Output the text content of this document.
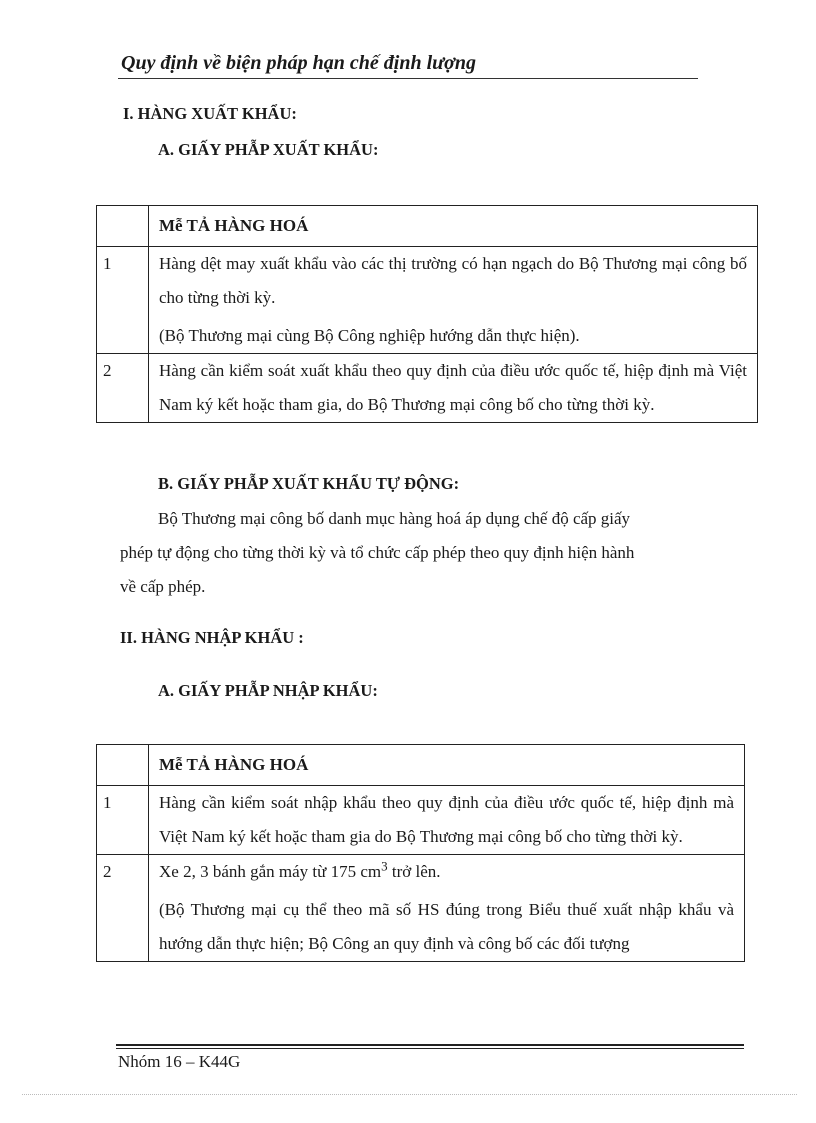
Quy định về biện pháp hạn chế định lượng
I. HÀNG XUẤT KHẨU:
A. GIẤY PHẪP XUẤT KHẨU:
	Mễ TẢ HÀNG HOÁ

1	Hàng dệt may xuất khẩu vào các thị trường có hạn ngạch do Bộ Thương mại công bố cho từng thời kỳ.

(Bộ Thương mại cùng Bộ Công nghiệp hướng dẫn thực hiện).

2	Hàng cần kiểm soát xuất khẩu theo quy định của điều ước quốc tế, hiệp định mà Việt Nam ký kết hoặc tham gia, do Bộ Thương mại công bố cho từng thời kỳ.

B. GIẤY PHẪP XUẤT KHẨU TỰ ĐỘNG:
Bộ Thương mại công bố danh mục hàng hoá áp dụng chế độ cấp giấy
phép tự động cho từng thời kỳ và tổ chức cấp phép theo quy định hiện hành
về cấp phép.
II. HÀNG NHẬP KHẨU :
A. GIẤY PHẪP NHẬP KHẨU:
	Mễ TẢ HÀNG HOÁ

1	Hàng cần kiểm soát nhập khẩu theo quy định của điều ước quốc tế, hiệp định mà Việt Nam ký kết hoặc tham gia do Bộ Thương mại công bố cho từng thời kỳ.

2	Xe 2, 3 bánh gắn máy từ 175 $cm^3$ trở lên.

(Bộ Thương mại cụ thể theo mã số HS đúng trong Biểu thuế xuất nhập khẩu và hướng dẫn thực hiện; Bộ Công an quy định và công bố các đối tượng

Nhóm 16 – K44G
